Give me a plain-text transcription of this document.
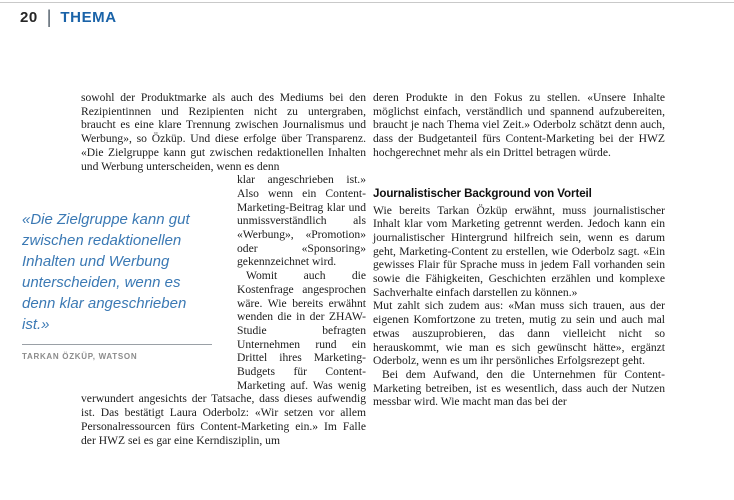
20 | THEMA

sowohl der Produktmarke als auch des Mediums bei den Rezipientinnen und Rezipienten nicht zu untergraben, braucht es eine klare Trennung zwischen Journalismus und Werbung», so Özküp. Und diese erfolge über Transparenz. «Die Zielgruppe kann gut zwischen redaktionellen Inhalten und Werbung unterscheiden, wenn es denn

«Die Zielgruppe kann gut zwischen redaktionellen Inhalten und Werbung unterscheiden, wenn es denn klar angeschrieben ist.»
TARKAN ÖZKÜP, WATSON
klar angeschrieben ist.» Also wenn ein Content-Marketing-Beitrag klar und unmissverständlich als «Werbung», «Promotion» oder «Sponsoring» gekennzeichnet wird.

Womit auch die Kostenfrage angesprochen wäre. Wie bereits erwähnt wenden die in der ZHAW-Studie befragten Unternehmen rund ein Drittel ihres Marketing-Budgets für Content-Marketing auf. Was wenig verwundert angesichts der Tatsache, dass dieses aufwendig ist. Das bestätigt Laura Oderbolz: «Wir setzen vor allem Personalressourcen fürs Content-Marketing ein.» Im Falle der HWZ sei es gar eine Kerndisziplin, um

deren Produkte in den Fokus zu stellen. «Unsere Inhalte möglichst einfach, verständlich und spannend aufzubereiten, braucht je nach Thema viel Zeit.» Oderbolz schätzt denn auch, dass der Budgetanteil fürs Content-Marketing bei der HWZ hochgerechnet mehr als ein Drittel betragen würde.

Journalistischer Background von Vorteil

Wie bereits Tarkan Özküp erwähnt, muss journalistischer Inhalt klar vom Marketing getrennt werden. Jedoch kann ein journalistischer Hintergrund hilfreich sein, wenn es darum geht, Marketing-Content zu erstellen, wie Oderbolz sagt. «Ein gewisses Flair für Sprache muss in jedem Fall vorhanden sein sowie die Fähigkeiten, Geschichten erzählen und komplexe Sachverhalte einfach darstellen zu können.»

Mut zahlt sich zudem aus: «Man muss sich trauen, aus der eigenen Komfortzone zu treten, mutig zu sein und auch mal etwas auszuprobieren, das dann vielleicht nicht so herauskommt, wie man es sich gewünscht hätte», ergänzt Oderbolz, wenn es um ihr persönliches Erfolgsrezept geht.

Bei dem Aufwand, den die Unternehmen für Content-Marketing betreiben, ist es wesentlich, dass auch der Nutzen messbar wird. Wie macht man das bei der
